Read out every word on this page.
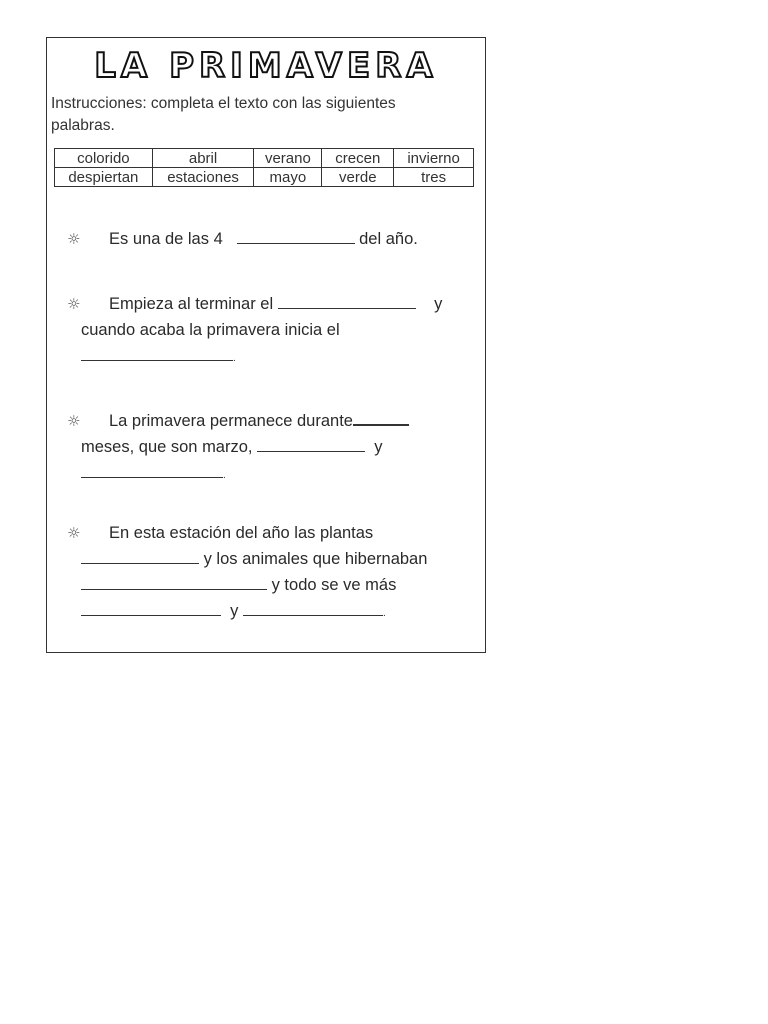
LA PRIMAVERA

Instrucciones: completa el texto con las siguientes palabras.

colorido	abril	verano	crecen	invierno
despiertan	estaciones	mayo	verde	tres
☼	Es una de las 4	del año.
☼	Empieza al terminar el	y
cuando acaba la primavera inicia el
.
☼	La primavera permanece durante
meses, que son marzo,	y
.
☼	En esta estación del año las plantas
y los animales que hibernaban
y todo se ve más
y	.
